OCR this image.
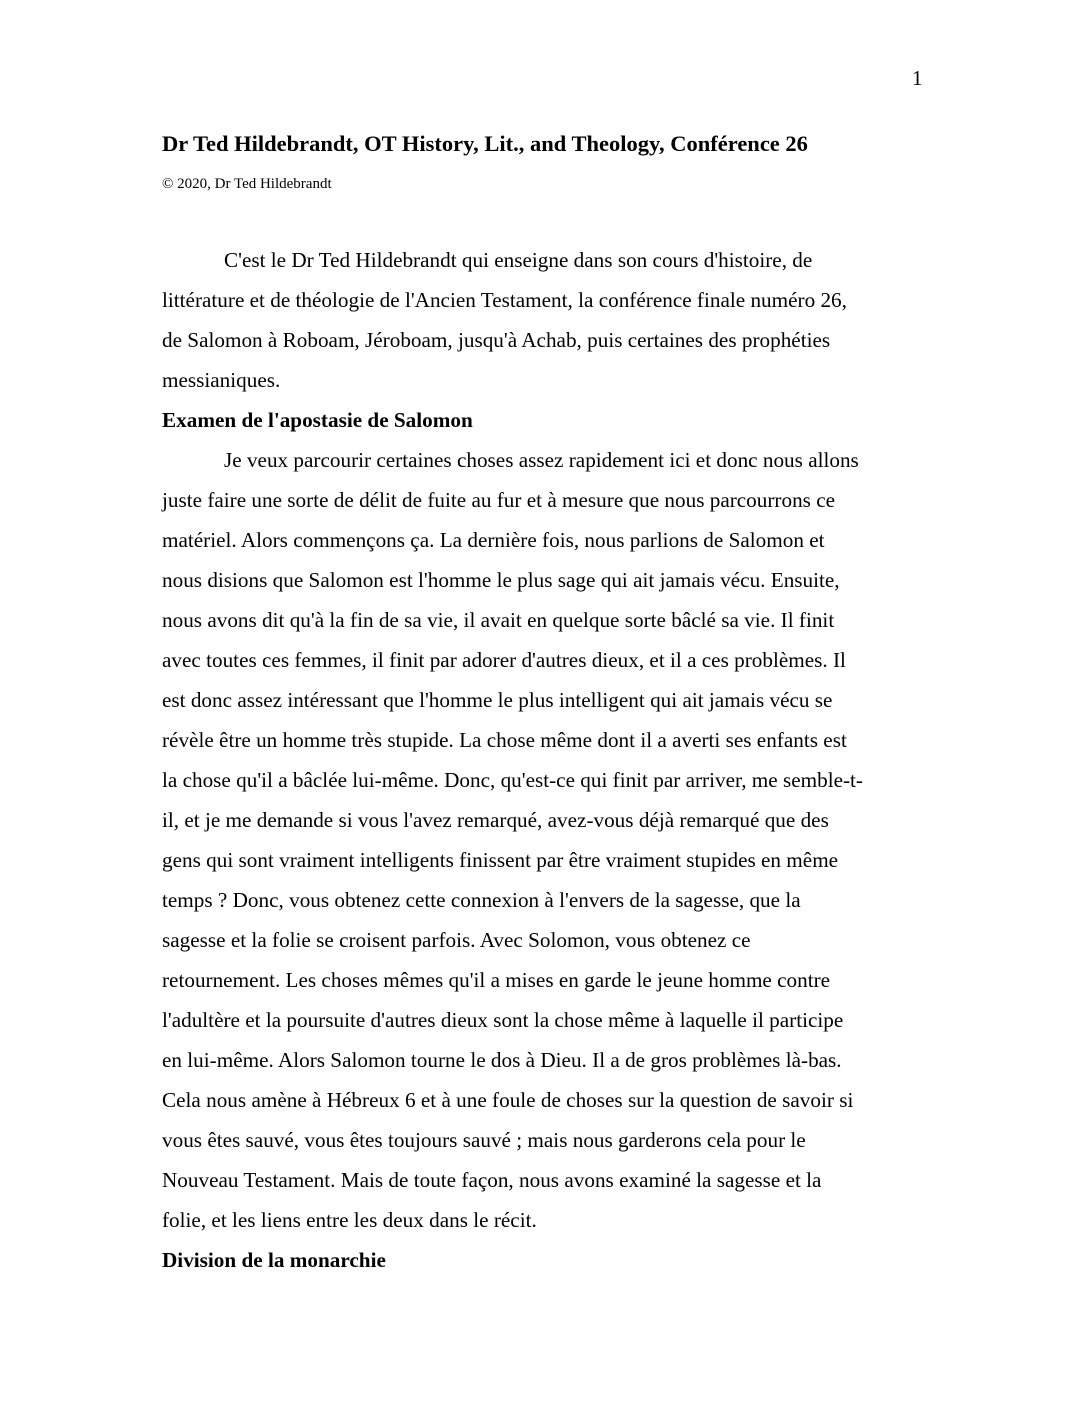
1
Dr Ted Hildebrandt, OT History, Lit., and Theology, Conférence 26

© 2020, Dr Ted Hildebrandt

C'est le Dr Ted Hildebrandt qui enseigne dans son cours d'histoire, de
littérature et de théologie de l'Ancien Testament, la conférence finale numéro 26,
de Salomon à Roboam, Jéroboam, jusqu'à Achab, puis certaines des prophéties
messianiques.

Examen de l'apostasie de Salomon

Je veux parcourir certaines choses assez rapidement ici et donc nous allons
juste faire une sorte de délit de fuite au fur et à mesure que nous parcourrons ce
matériel. Alors commençons ça. La dernière fois, nous parlions de Salomon et
nous disions que Salomon est l'homme le plus sage qui ait jamais vécu. Ensuite,
nous avons dit qu'à la fin de sa vie, il avait en quelque sorte bâclé sa vie. Il finit
avec toutes ces femmes, il finit par adorer d'autres dieux, et il a ces problèmes. Il
est donc assez intéressant que l'homme le plus intelligent qui ait jamais vécu se
révèle être un homme très stupide. La chose même dont il a averti ses enfants est
la chose qu'il a bâclée lui-même. Donc, qu'est-ce qui finit par arriver, me semble-t-
il, et je me demande si vous l'avez remarqué, avez-vous déjà remarqué que des
gens qui sont vraiment intelligents finissent par être vraiment stupides en même
temps ? Donc, vous obtenez cette connexion à l'envers de la sagesse, que la
sagesse et la folie se croisent parfois. Avec Solomon, vous obtenez ce
retournement. Les choses mêmes qu'il a mises en garde le jeune homme contre
l'adultère et la poursuite d'autres dieux sont la chose même à laquelle il participe
en lui-même. Alors Salomon tourne le dos à Dieu. Il a de gros problèmes là-bas.
Cela nous amène à Hébreux 6 et à une foule de choses sur la question de savoir si
vous êtes sauvé, vous êtes toujours sauvé ; mais nous garderons cela pour le
Nouveau Testament. Mais de toute façon, nous avons examiné la sagesse et la
folie, et les liens entre les deux dans le récit.

Division de la monarchie
